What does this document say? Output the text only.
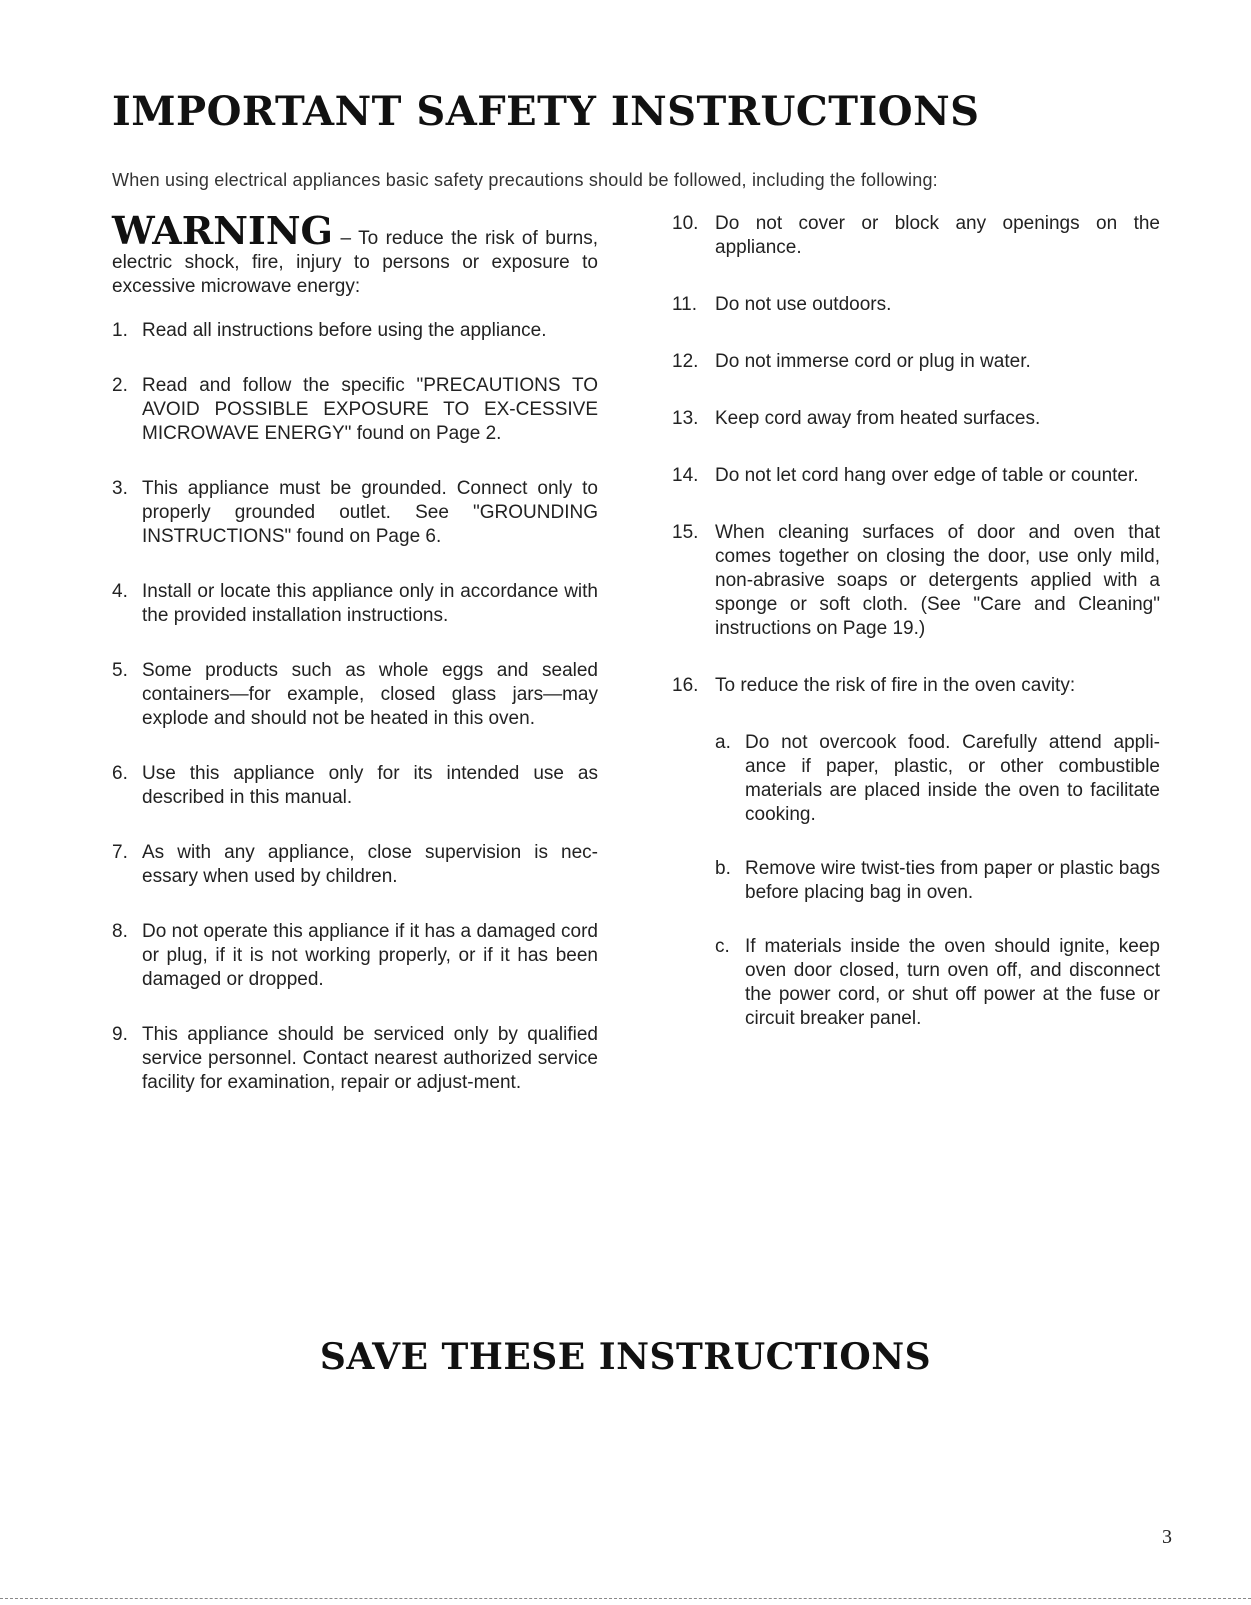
IMPORTANT SAFETY INSTRUCTIONS

When using electrical appliances basic safety precautions should be followed, including the following:

WARNING – To reduce the risk of burns, electric shock, fire, injury to persons or exposure to excessive microwave energy:

1. Read all instructions before using the appliance.
2. Read and follow the specific "PRECAUTIONS TO AVOID POSSIBLE EXPOSURE TO EX-CESSIVE MICROWAVE ENERGY" found on Page 2.
3. This appliance must be grounded. Connect only to properly grounded outlet. See "GROUNDING INSTRUCTIONS" found on Page 6.
4. Install or locate this appliance only in accordance with the provided installation instructions.
5. Some products such as whole eggs and sealed containers—for example, closed glass jars—may explode and should not be heated in this oven.
6. Use this appliance only for its intended use as described in this manual.
7. As with any appliance, close supervision is nec-essary when used by children.
8. Do not operate this appliance if it has a damaged cord or plug, if it is not working properly, or if it has been damaged or dropped.
9. This appliance should be serviced only by qualified service personnel. Contact nearest authorized service facility for examination, repair or adjust-ment.
10. Do not cover or block any openings on the appliance.
11. Do not use outdoors.
12. Do not immerse cord or plug in water.
13. Keep cord away from heated surfaces.
14. Do not let cord hang over edge of table or counter.
15. When cleaning surfaces of door and oven that comes together on closing the door, use only mild, non-abrasive soaps or detergents applied with a sponge or soft cloth. (See "Care and Cleaning" instructions on Page 19.)
16. To reduce the risk of fire in the oven cavity:
a. Do not overcook food. Carefully attend appli-ance if paper, plastic, or other combustible materials are placed inside the oven to facilitate cooking.
b. Remove wire twist-ties from paper or plastic bags before placing bag in oven.
c. If materials inside the oven should ignite, keep oven door closed, turn oven off, and disconnect the power cord, or shut off power at the fuse or circuit breaker panel.
SAVE THESE INSTRUCTIONS
3
